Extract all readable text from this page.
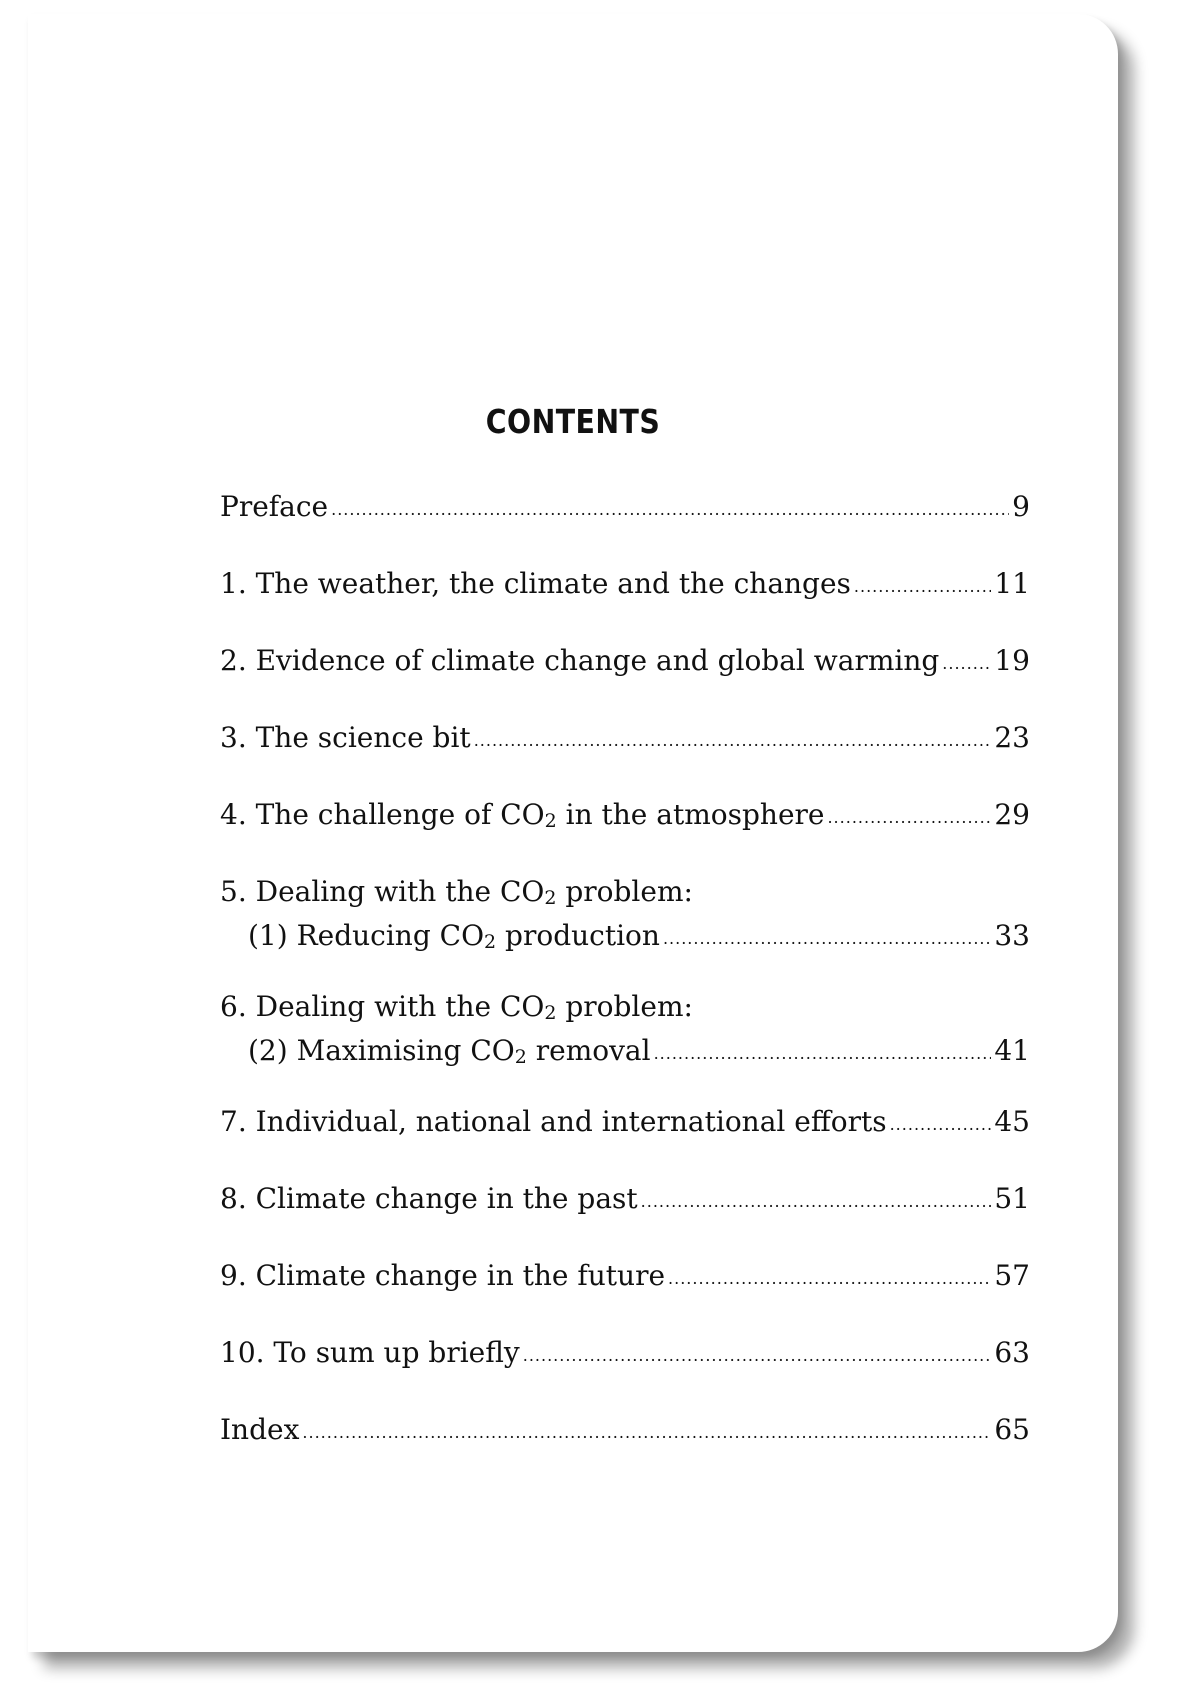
CONTENTS
Preface .....	9
1. The weather, the climate and the changes .....	11
2. Evidence of climate change and global warming ..... 19
3. The science bit .....	23
4. The challenge of $CO_2$ in the atmosphere .....	29
5. Dealing with the $CO_2$ problem:
(1) Reducing $CO_2$ production .....	33
6. Dealing with the $CO_2$ problem:
(2) Maximising $CO_2$ removal .....	41
7. Individual, national and international efforts .....	45
8. Climate change in the past .....	51
9. Climate change in the future .....	57
10. To sum up briefly .....	63
Index .....	65
